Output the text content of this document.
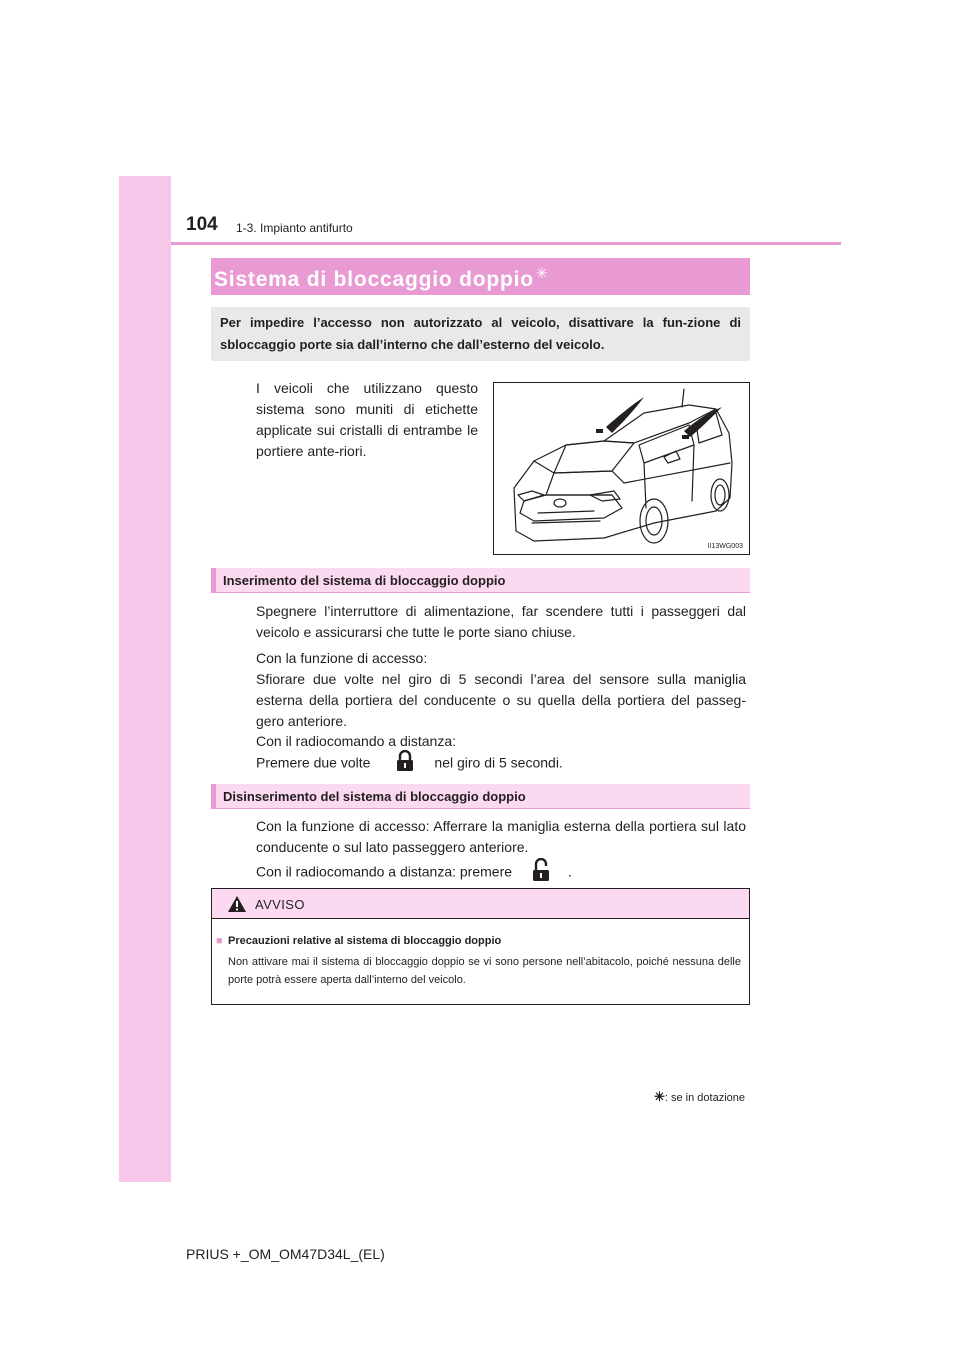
104 1-3. Impianto antifurto
Sistema di bloccaggio doppio ✳

Per impedire l’accesso non autorizzato al veicolo, disattivare la fun-zione di sbloccaggio porte sia dall’interno che dall’esterno del veicolo.

I veicoli che utilizzano questo sistema sono muniti di etichette applicate sui cristalli di entrambe le portiere ante-riori.

II13WG003
Inserimento del sistema di bloccaggio doppio

Spegnere l’interruttore di alimentazione, far scendere tutti i passeggeri dal veicolo e assicurarsi che tutte le porte siano chiuse.

Con la funzione di accesso:

Sfiorare due volte nel giro di 5 secondi l’area del sensore sulla maniglia esterna della portiera del conducente o su quella della portiera del passeg-gero anteriore.

Con il radiocomando a distanza:
Premere due volte	nel giro di 5 secondi.
Disinserimento del sistema di bloccaggio doppio

Con la funzione di accesso: Afferrare la maniglia esterna della portiera sul lato conducente o sul lato passeggero anteriore.

Con il radiocomando a distanza: premere	.
AVVISO
■ Precauzioni relative al sistema di bloccaggio doppio

Non attivare mai il sistema di bloccaggio doppio se vi sono persone nell’abitacolo, poiché nessuna delle porte potrà essere aperta dall’interno del veicolo.

✳: se in dotazione
PRIUS +_OM_OM47D34L_(EL)
